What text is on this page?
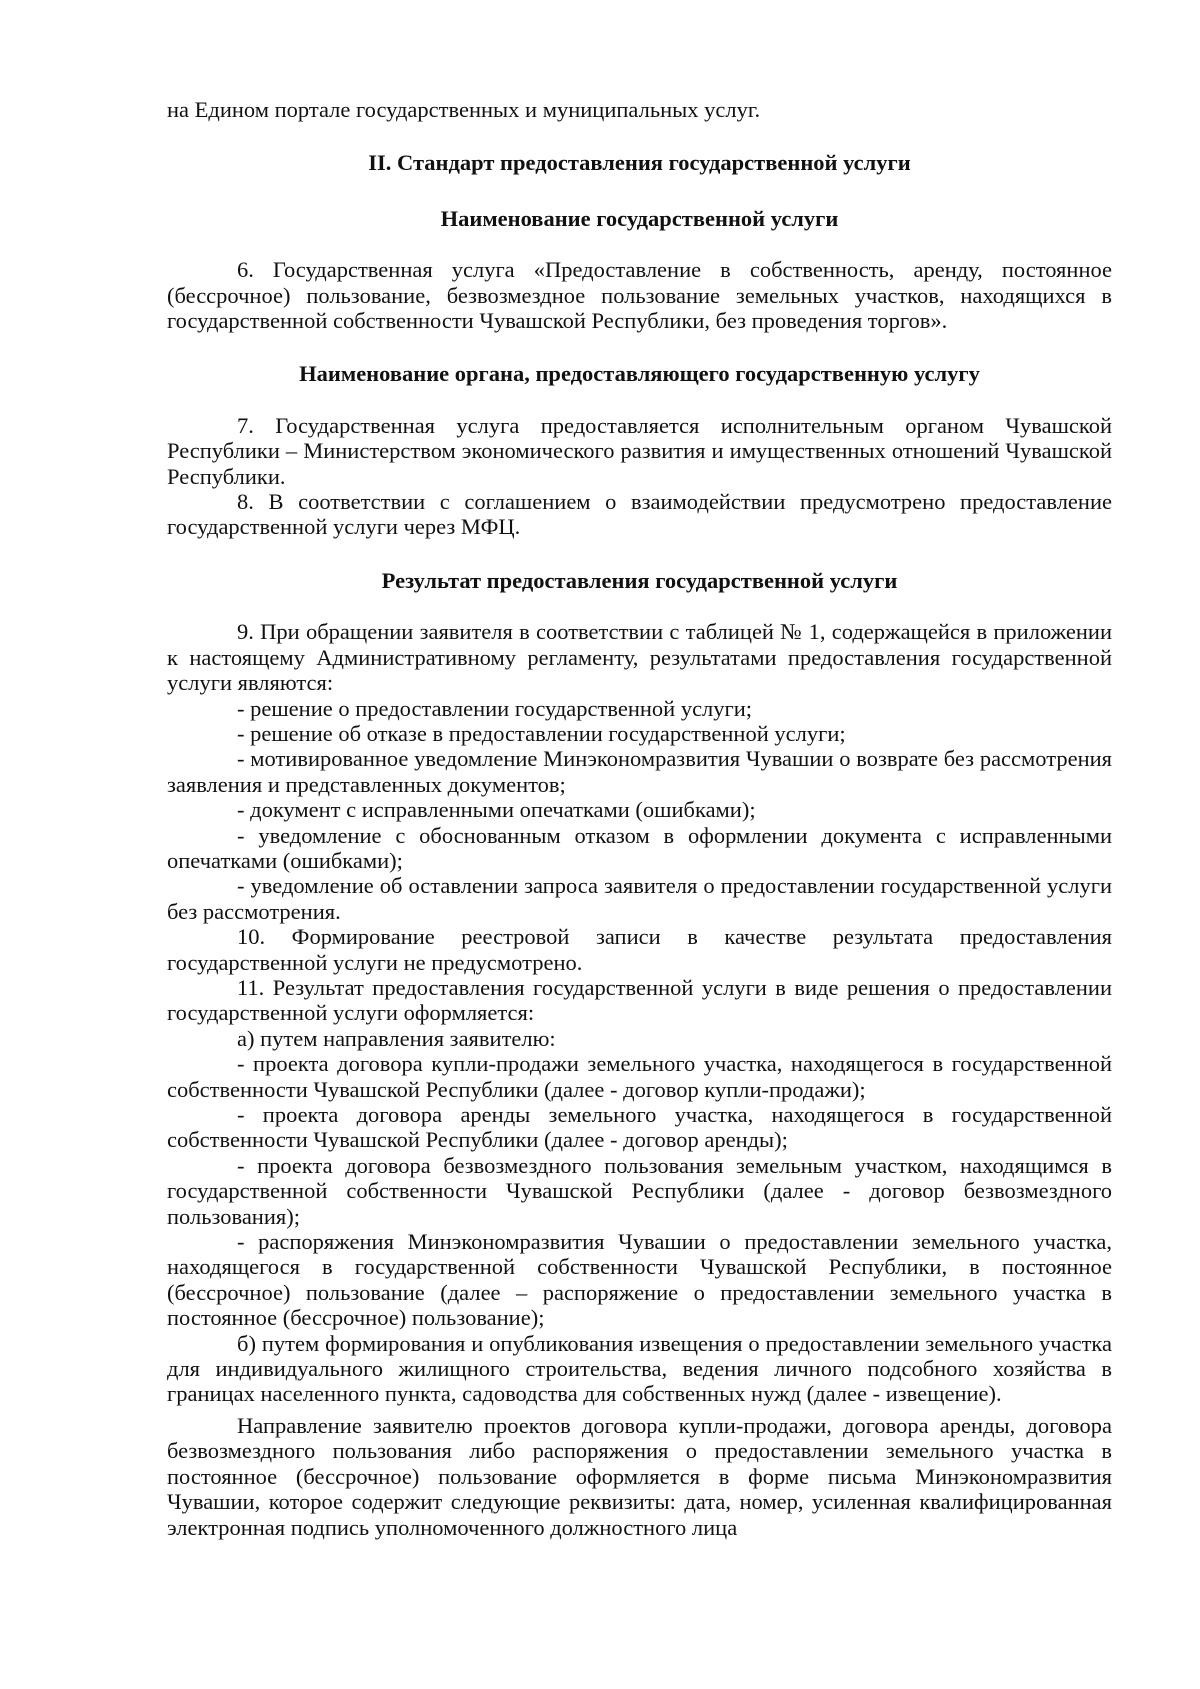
на Едином портале государственных и муниципальных услуг.

II. Стандарт предоставления государственной услуги
Наименование государственной услуги

6. Государственная услуга «Предоставление в собственность, аренду, постоянное (бессрочное) пользование, безвозмездное пользование земельных участков, находящихся в государственной собственности Чувашской Республики, без проведения торгов».

Наименование органа, предоставляющего государственную услугу

7. Государственная услуга предоставляется исполнительным органом Чувашской Республики – Министерством экономического развития и имущественных отношений Чувашской Республики.

8. В соответствии с соглашением о взаимодействии предусмотрено предоставление государственной услуги через МФЦ.

Результат предоставления государственной услуги

9. При обращении заявителя в соответствии с таблицей № 1, содержащейся в приложении к настоящему Административному регламенту, результатами предоставления государственной услуги являются:

- решение о предоставлении государственной услуги;

- решение об отказе в предоставлении государственной услуги;

- мотивированное уведомление Минэкономразвития Чувашии о возврате без рассмотрения заявления и представленных документов;

- документ с исправленными опечатками (ошибками);

- уведомление с обоснованным отказом в оформлении документа с исправленными опечатками (ошибками);

- уведомление об оставлении запроса заявителя о предоставлении государственной услуги без рассмотрения.

10. Формирование реестровой записи в качестве результата предоставления государственной услуги не предусмотрено.

11. Результат предоставления государственной услуги в виде решения о предоставлении государственной услуги оформляется:

а) путем направления заявителю:

- проекта договора купли-продажи земельного участка, находящегося в государственной собственности Чувашской Республики (далее - договор купли-продажи);

- проекта договора аренды земельного участка, находящегося в государственной собственности Чувашской Республики (далее - договор аренды);

- проекта договора безвозмездного пользования земельным участком, находящимся в государственной собственности Чувашской Республики (далее - договор безвозмездного пользования);

- распоряжения Минэкономразвития Чувашии о предоставлении земельного участка, находящегося в государственной собственности Чувашской Республики, в постоянное (бессрочное) пользование (далее – распоряжение о предоставлении земельного участка в постоянное (бессрочное) пользование);

б) путем формирования и опубликования извещения о предоставлении земельного участка для индивидуального жилищного строительства, ведения личного подсобного хозяйства в границах населенного пункта, садоводства для собственных нужд (далее - извещение).

Направление заявителю проектов договора купли-продажи, договора аренды, договора безвозмездного пользования либо распоряжения о предоставлении земельного участка в постоянное (бессрочное) пользование оформляется в форме письма Минэкономразвития Чувашии, которое содержит следующие реквизиты: дата, номер, усиленная квалифицированная электронная подпись уполномоченного должностного лица
